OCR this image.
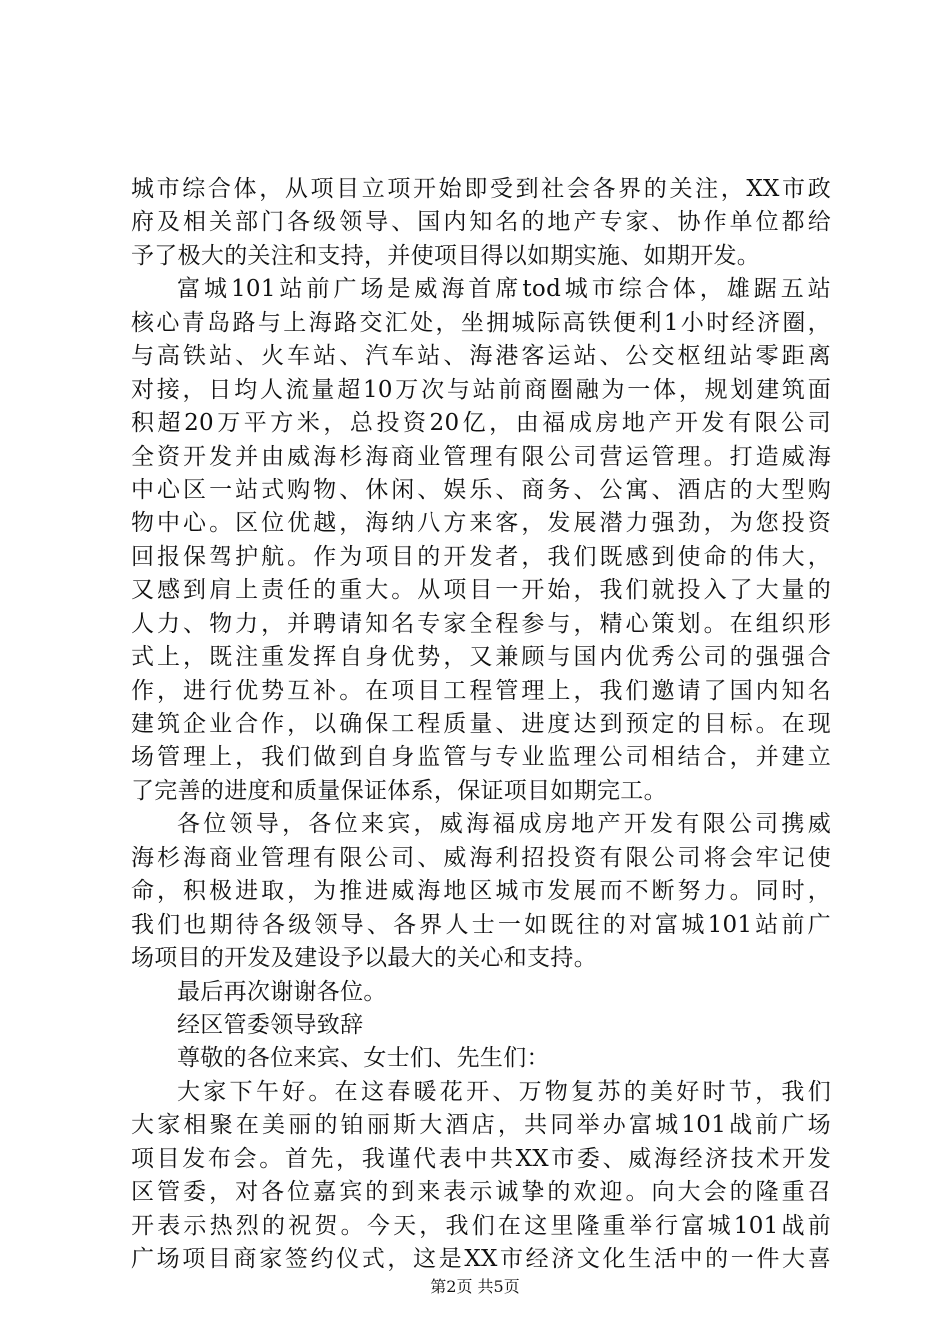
城市综合体，从项目立项开始即受到社会各界的关注，XX市政
府及相关部门各级领导、国内知名的地产专家、协作单位都给
予了极大的关注和支持，并使项目得以如期实施、如期开发。
富城101站前广场是威海首席tod城市综合体，雄踞五站
核心青岛路与上海路交汇处，坐拥城际高铁便利1小时经济圈，
与高铁站、火车站、汽车站、海港客运站、公交枢纽站零距离
对接，日均人流量超10万次与站前商圈融为一体，规划建筑面
积超20万平方米，总投资20亿，由福成房地产开发有限公司
全资开发并由威海杉海商业管理有限公司营运管理。打造威海
中心区一站式购物、休闲、娱乐、商务、公寓、酒店的大型购
物中心。区位优越，海纳八方来客，发展潜力强劲，为您投资
回报保驾护航。作为项目的开发者，我们既感到使命的伟大，
又感到肩上责任的重大。从项目一开始，我们就投入了大量的
人力、物力，并聘请知名专家全程参与，精心策划。在组织形
式上，既注重发挥自身优势，又兼顾与国内优秀公司的强强合
作，进行优势互补。在项目工程管理上，我们邀请了国内知名
建筑企业合作，以确保工程质量、进度达到预定的目标。在现
场管理上，我们做到自身监管与专业监理公司相结合，并建立
了完善的进度和质量保证体系，保证项目如期完工。
各位领导，各位来宾，威海福成房地产开发有限公司携威
海杉海商业管理有限公司、威海利招投资有限公司将会牢记使
命，积极进取，为推进威海地区城市发展而不断努力。同时，
我们也期待各级领导、各界人士一如既往的对富城101站前广
场项目的开发及建设予以最大的关心和支持。
最后再次谢谢各位。
经区管委领导致辞
尊敬的各位来宾、女士们、先生们：
大家下午好。在这春暖花开、万物复苏的美好时节，我们
大家相聚在美丽的铂丽斯大酒店，共同举办富城101战前广场
项目发布会。首先，我谨代表中共XX市委、威海经济技术开发
区管委，对各位嘉宾的到来表示诚挚的欢迎。向大会的隆重召
开表示热烈的祝贺。今天，我们在这里隆重举行富城101战前
广场项目商家签约仪式，这是XX市经济文化生活中的一件大喜
第2页 共5页
